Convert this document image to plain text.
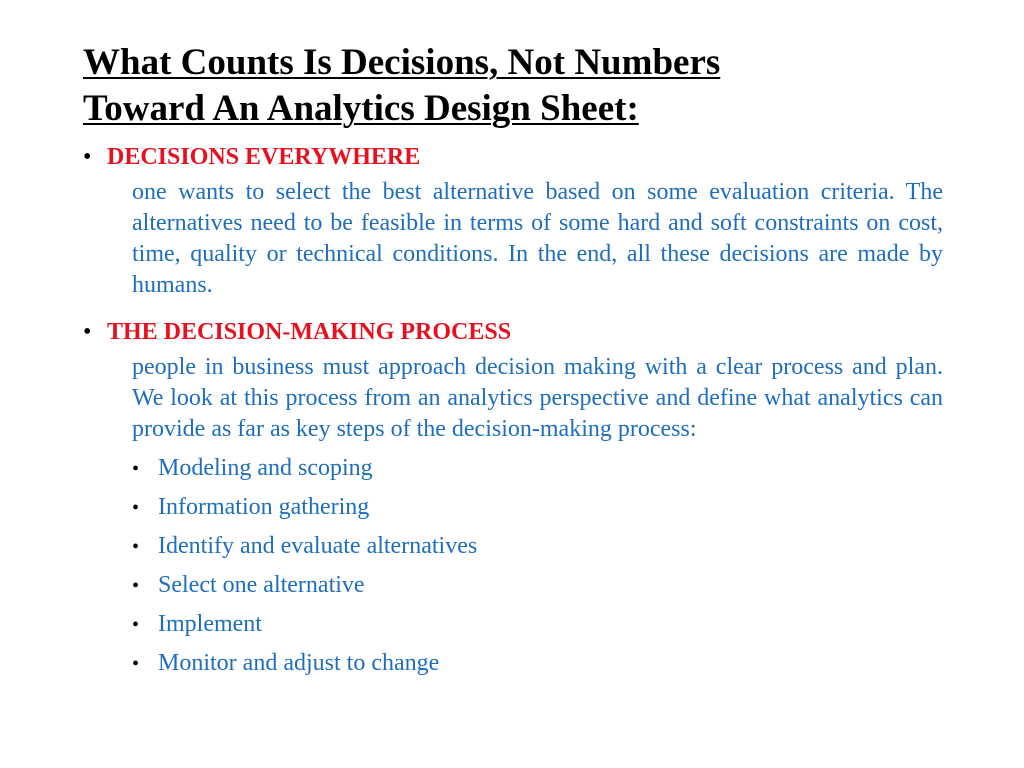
What Counts Is Decisions, Not Numbers
Toward An Analytics Design Sheet:
• DECISIONS EVERYWHERE
one wants to select the best alternative based on some evaluation criteria. The alternatives need to be feasible in terms of some hard and soft constraints on cost, time, quality or technical conditions. In the end, all these decisions are made by humans.
• THE DECISION-MAKING PROCESS
people in business must approach decision making with a clear process and plan. We look at this process from an analytics perspective and define what analytics can provide as far as key steps of the decision-making process:
• Modeling and scoping
• Information gathering
• Identify and evaluate alternatives
• Select one alternative
• Implement
• Monitor and adjust to change
